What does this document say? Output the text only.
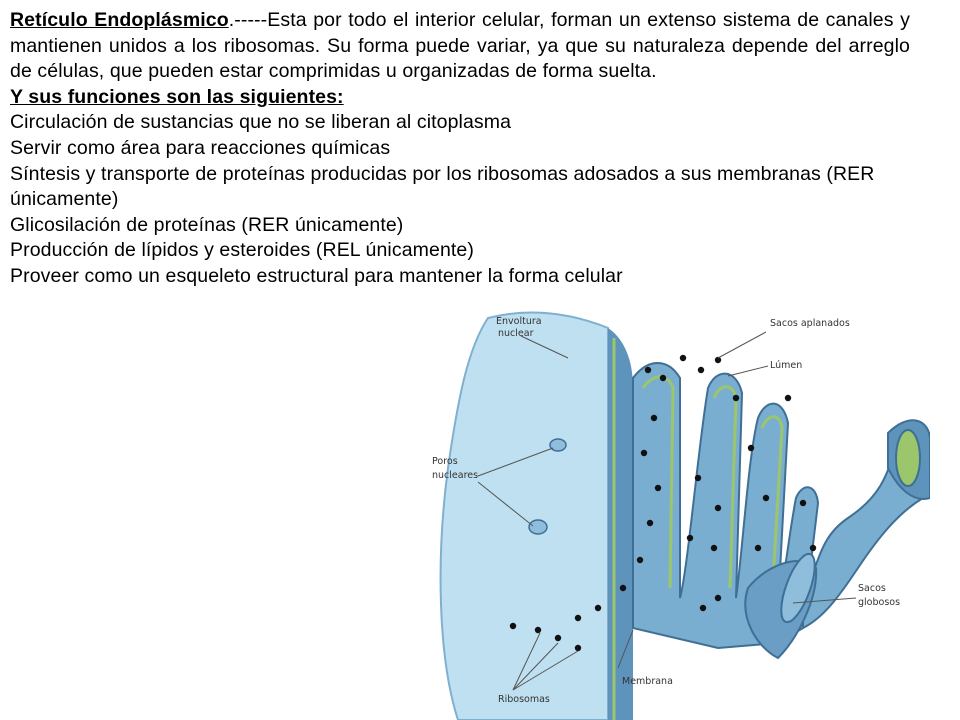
Envoltura
nuclear
Sacos aplanados
Lúmen
Poros
nucleares
Sacos
globosos
Membrana
Ribosomas

Retículo Endoplásmico.-----Esta por todo el interior celular, forman un extenso sistema de canales y mantienen unidos a los ribosomas. Su forma puede variar, ya que su naturaleza depende del arreglo de células, que pueden estar comprimidas u organizadas de forma suelta.

Y sus funciones son las siguientes:

Circulación de sustancias que no se liberan al citoplasma

Servir como área para reacciones químicas

Síntesis y transporte de proteínas producidas por los ribosomas adosados a sus membranas (RER únicamente)

Glicosilación de proteínas (RER únicamente)

Producción de lípidos y esteroides (REL únicamente)

Proveer como un esqueleto estructural para mantener la forma celular
